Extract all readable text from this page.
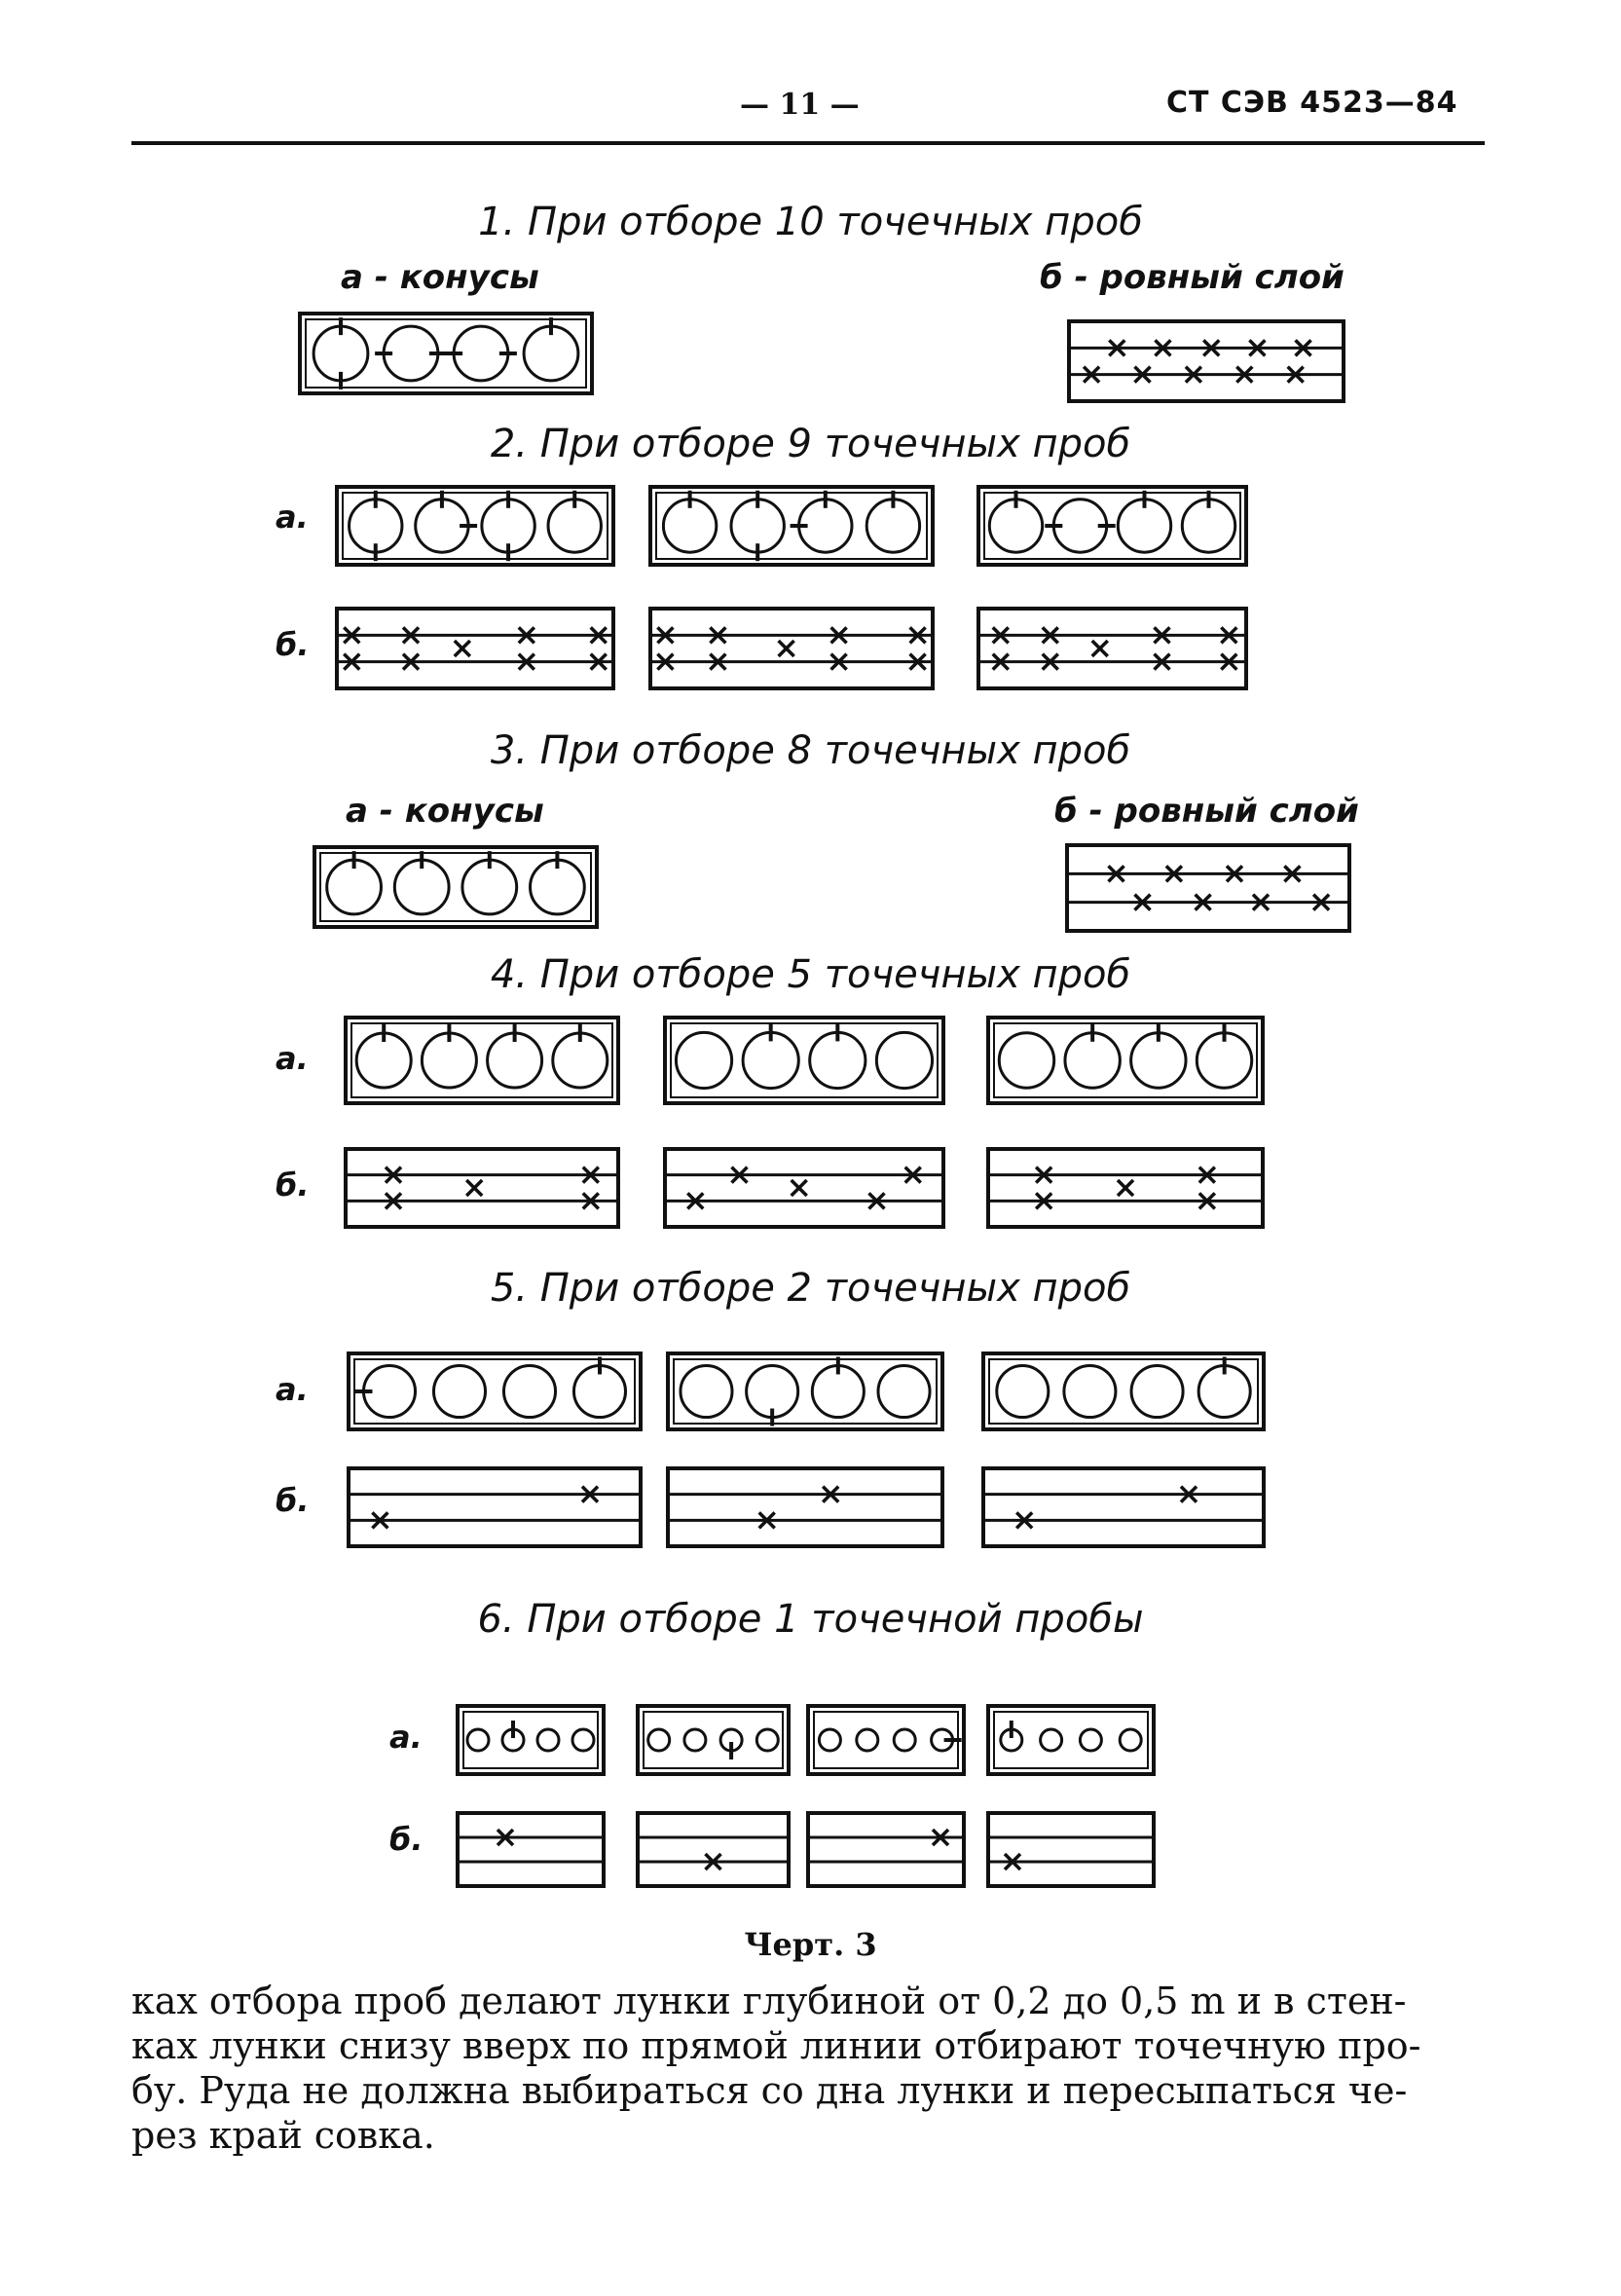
— 11 —	СТ СЭВ 4523—84
1. При отборе 10 точечных проб
а - конусы	б - ровный слой
2. При отборе 9 точечных проб
а.
б.
3. При отборе 8 точечных проб
а - конусы	б - ровный слой
4. При отборе 5 точечных проб
а.
б.
5. При отборе 2 точечных проб
а.
б.
6. При отборе 1 точечной пробы
а.
б.
Черт. 3
ках отбора проб делают лунки глубиной от 0,2 до 0,5 m и в стен-
ках лунки снизу вверх по прямой линии отбирают точечную про-
бу. Руда не должна выбираться со дна лунки и пересыпаться че-
рез край совка.
